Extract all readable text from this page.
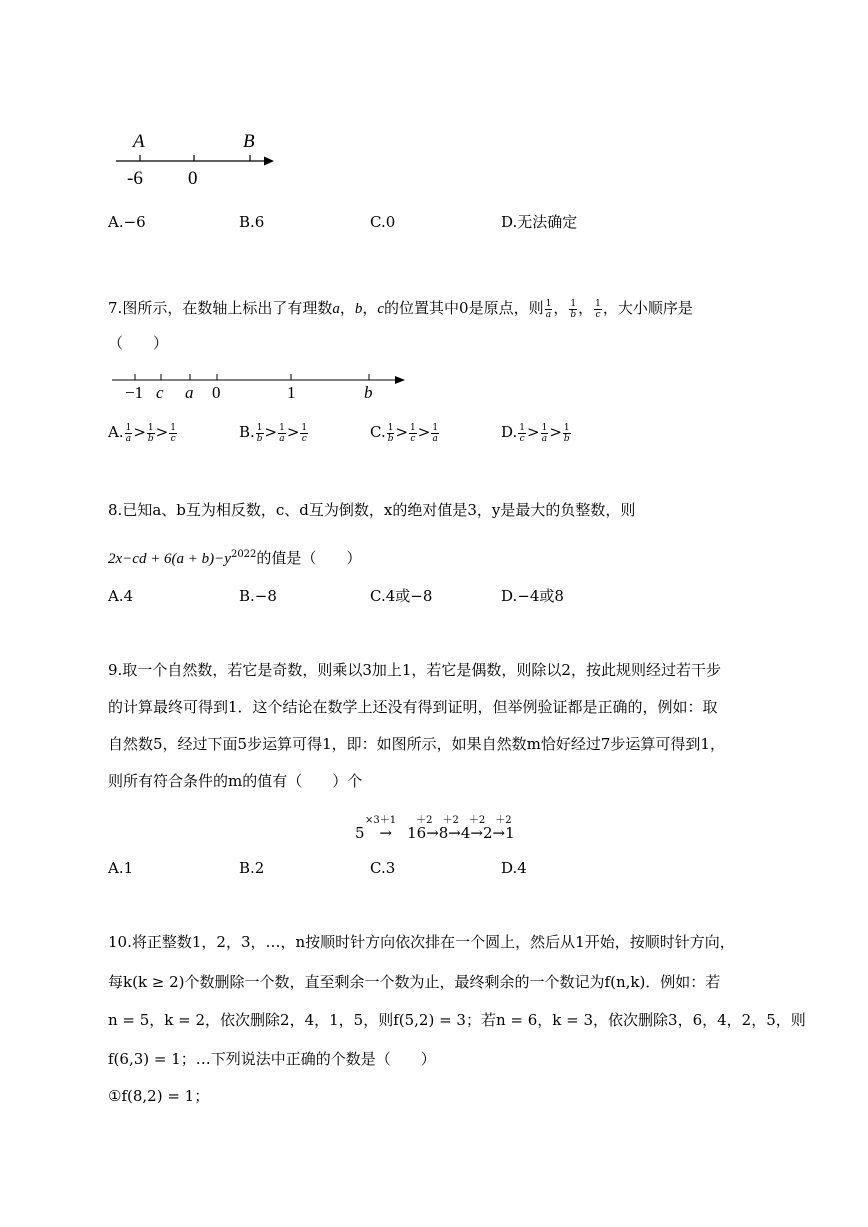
A	B
-6 0
A.−6	B.6	C.0	D.无法确定
7.图所示，在数轴上标出了有理数a，b，c的位置其中0是原点，则 $\frac{1}{a}$ ， $\frac{1}{b}$ ， $\frac{1}{c}$ ，大小顺序是
（　　）
−1 c a 0	1	b
A. $\frac{1}{a} > \frac{1}{b} > \frac{1}{c}$	B. $\frac{1}{b} > \frac{1}{a} > \frac{1}{c}$	C. $\frac{1}{b} > \frac{1}{c} > \frac{1}{a}$	D. $\frac{1}{c} > \frac{1}{a} > \frac{1}{b}$
8.已知a、b互为相反数，c、d互为倒数，x的绝对值是3，y是最大的负整数，则
$2x-cd + 6(a + b)-y^{2022}$的值是（　　）
A.4	B.−8	C.4或−8	D.−4或8
9.取一个自然数，若它是奇数，则乘以3加上1，若它是偶数，则除以2，按此规则经过若干步
的计算最终可得到1．这个结论在数学上还没有得到证明，但举例验证都是正确的，例如：取
自然数5，经过下面5步运算可得1，即：如图所示，如果自然数m恰好经过7步运算可得到1，
则所有符合条件的m的值有（　　）个
×3＋1　　＋2　＋2　＋2　＋2
5　→　16→8→4→2→1
A.1	B.2	C.3	D.4
10.将正整数1，2，3，…，n按顺时针方向依次排在一个圆上，然后从1开始，按顺时针方向，
每k(k ≥ 2)个数删除一个数，直至剩余一个数为止，最终剩余的一个数记为f(n,k)．例如：若
n = 5，k = 2，依次删除2，4，1，5，则f(5,2) = 3；若n = 6，k = 3，依次删除3，6，4，2，5，则
f(6,3) = 1；…下列说法中正确的个数是（　　）
①f(8,2) = 1；
